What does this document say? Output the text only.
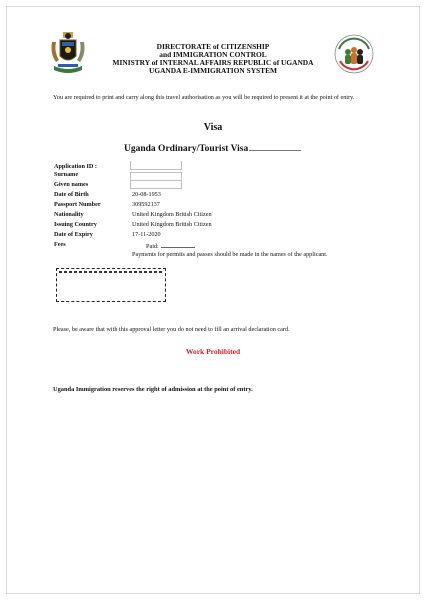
DIRECTORATE of CITIZENSHIP
and IMMIGRATION CONTROL
MINISTRY of INTERNAL AFFAIRS REPUBLIC of UGANDA
UGANDA E-IMMIGRATION SYSTEM
You are required to print and carry along this travel authorisation as you will be required to present it at the point of entry.
Visa
Uganda Ordinary/Tourist Visa
Application ID :
Surname
Given names
Date of Birth
Passport Number
Nationality
Issuing Country
Date of Expiry
Fees
20-08-1953
309592137
United Kingdom British Citizen
United Kingdom British Citizen
17-11-2020
Paid:
Payments for permits and passes should be made in the names of the applicant.
Please, be aware that with this approval letter you do not need to fill an arrival declaration card.
Work Prohibited
Uganda Immigration reserves the right of admission at the point of entry.
